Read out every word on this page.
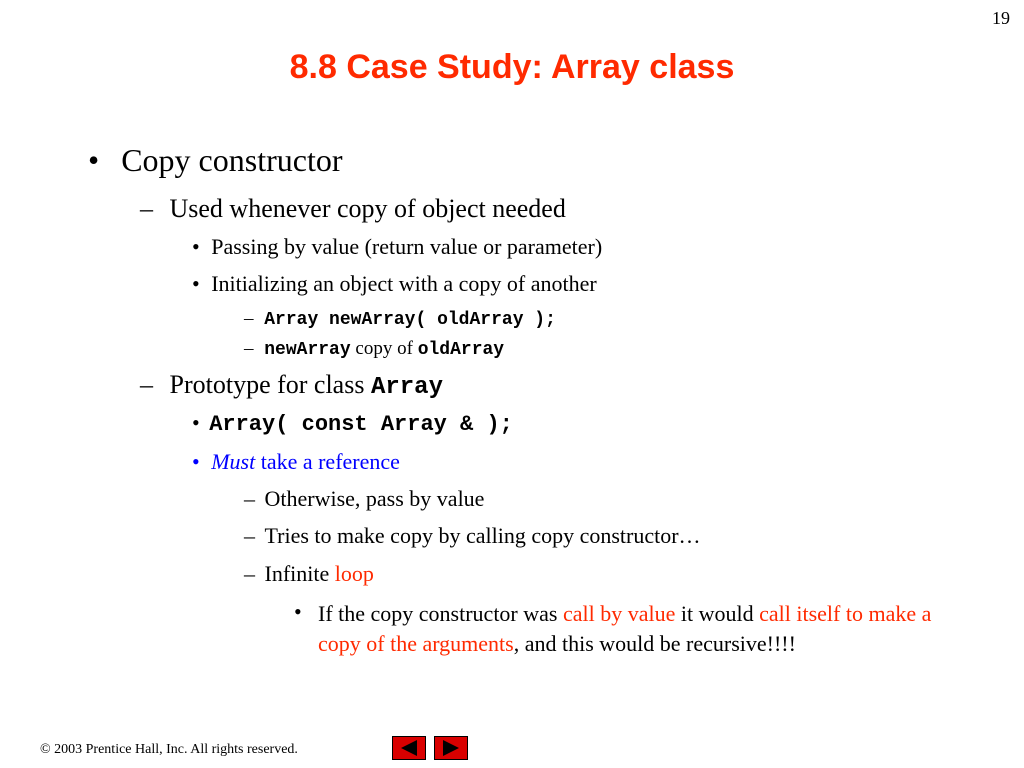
19
8.8 Case Study: Array class
• Copy constructor
– Used whenever copy of object needed
• Passing by value (return value or parameter)
• Initializing an object with a copy of another
– Array newArray( oldArray );
– newArray copy of oldArray
– Prototype for class Array
• Array( const Array & );
• Must take a reference
– Otherwise, pass by value
– Tries to make copy by calling copy constructor…
– Infinite loop
• If the copy constructor was call by value it would call itself to make a copy of the arguments, and this would be recursive!!!!
© 2003 Prentice Hall, Inc. All rights reserved.
